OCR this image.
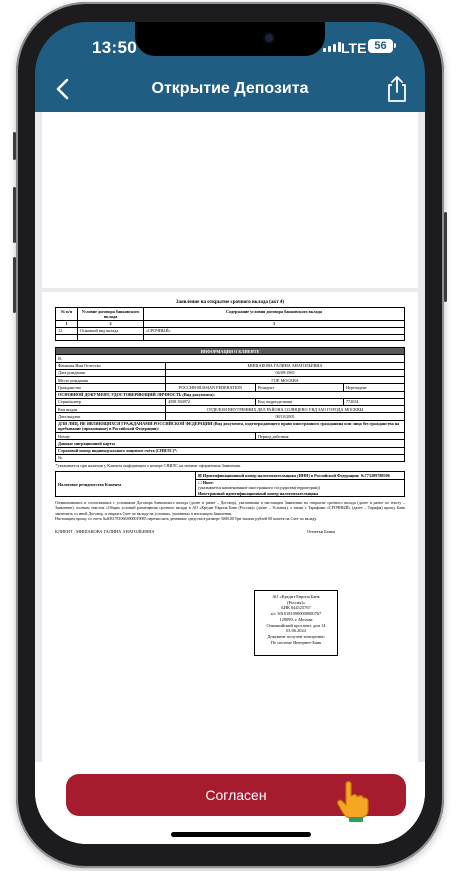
13:50	LTE 56
Открытие Депозита
Заявление на открытие срочного вклада (акт 4)
№ п/п	Условие договора банковского вклада	Содержание условия договора банковского вклада
1	2	3
12.	Основной вид вклада	«СРОЧНЫЙ»

ИНФОРМАЦИЯ О КЛИЕНТЕ			
Я,			
Фамилия Имя Отчество	МИШАКОВА ГАЛИНА АНАТОЛЬЕВНА		
Дата рождения	04/09/1965		
Место рождения	ГОР. МОСКВА		
Гражданство	РОССИЯ-RUSSIAN FEDERATION	Резидент	Нерезидент
ОСНОВНОЙ ДОКУМЕНТ, УДОСТОВЕРЯЮЩИЙ ЛИЧНОСТЬ (Вид документа):			
Серия/номер	4508 384972	Код подразделения	772034
Кем выдан	ОТДЕЛОМ ВНУТРЕННИХ ДЕЛ РАЙОНА СОЛНЦЕВО УВД ЗАО ГОРОДА МОСКВЫ		
Дата выдачи	08/10/2005		
ДЛЯ ЛИЦ, НЕ ЯВЛЯЮЩИХСЯ ГРАЖДАНАМИ РОССИЙСКОЙ ФЕДЕРАЦИИ (Вид документа, подтверждающего право иностранного гражданина или лица без гражданства на пребывание (проживание) в Российской Федерации):			
Номер		Период действия	
Данные миграционной карты			
Страховой номер индивидуального лицевого счёта (СНИЛС)*:			
№			
*указывается при наличии у Клиента информации о номере СНИЛС на момент оформления Заявления.			
Налоговое резидентство Клиента	☒ Идентификационный номер налогоплательщика (ИНН) в Российской Федерации: №773209780506
☐ Иное:
(указывается наименование иностранного государства(территории))
Иностранный идентификационный номер налогоплательщика
Ознакомившись и согласившись с условиями Договора банковского вклада (далее и ранее – Договор), указанными в настоящем Заявлении на открытие срочного вклада (далее и ранее по тексту – Заявление), полным текстом «Общих условий размещения срочного вклада в АО «Кредит Европа Банк (Россия)» (далее – Условия), а также с Тарифами «СРОЧНЫЙ» (далее – Тарифы) прошу Банк заключить со мной Договор, и открыть Счет по вкладу на условиях, указанных в настоящем Заявлении.
Настоящим прошу со счета №40817810663900019085 перечислить денежные средства в размере 3000.00 Три тысячи рублей 00 копеек на Счет по вкладу.
КЛИЕНТ : МИШАКОВА ГАЛИНА АНАТОЛЬЕВНА	Отметки Банка
АО «Кредит Европа Банк
(Россия)»
БИК 044525767
к/с 30101810900000000767
129090, г. Москва
Олимпийский проспект, дом 14
03.06.2024
Документ получен электронно
По системе Интернет-Банк
Согласен
